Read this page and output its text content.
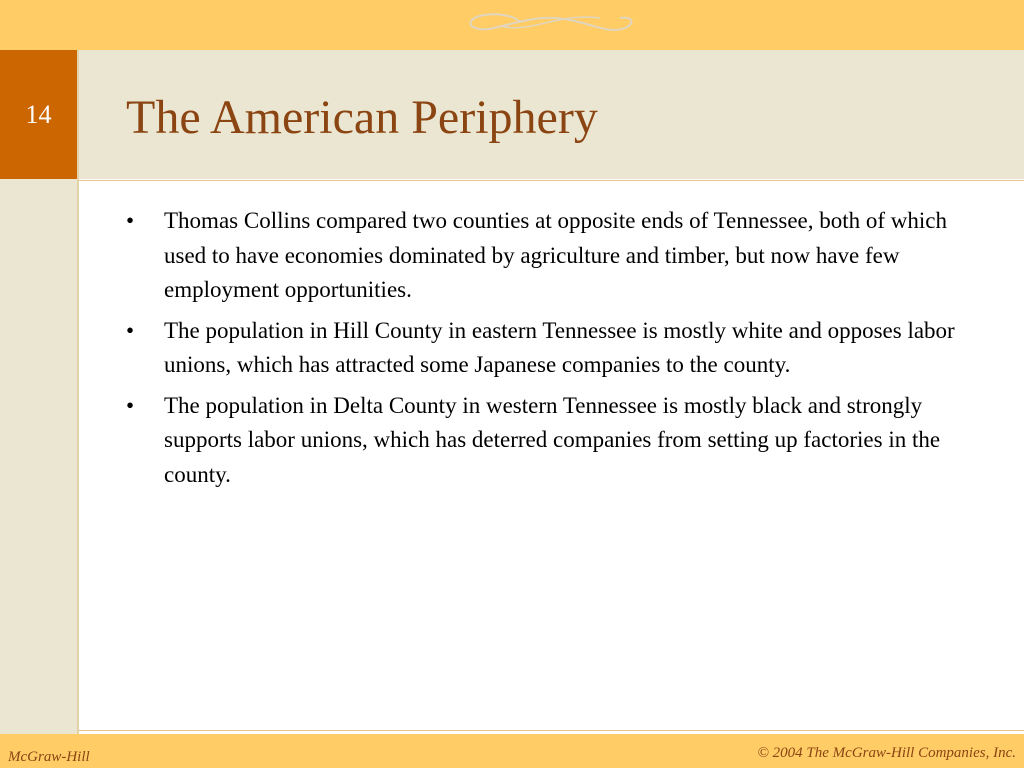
14	The American Periphery
• Thomas Collins compared two counties at opposite ends of Tennessee, both of which used to have economies dominated by agriculture and timber, but now have few employment opportunities.
• The population in Hill County in eastern Tennessee is mostly white and opposes labor unions, which has attracted some Japanese companies to the county.
• The population in Delta County in western Tennessee is mostly black and strongly supports labor unions, which has deterred companies from setting up factories in the county.
McGraw-Hill	© 2004 The McGraw-Hill Companies, Inc.
